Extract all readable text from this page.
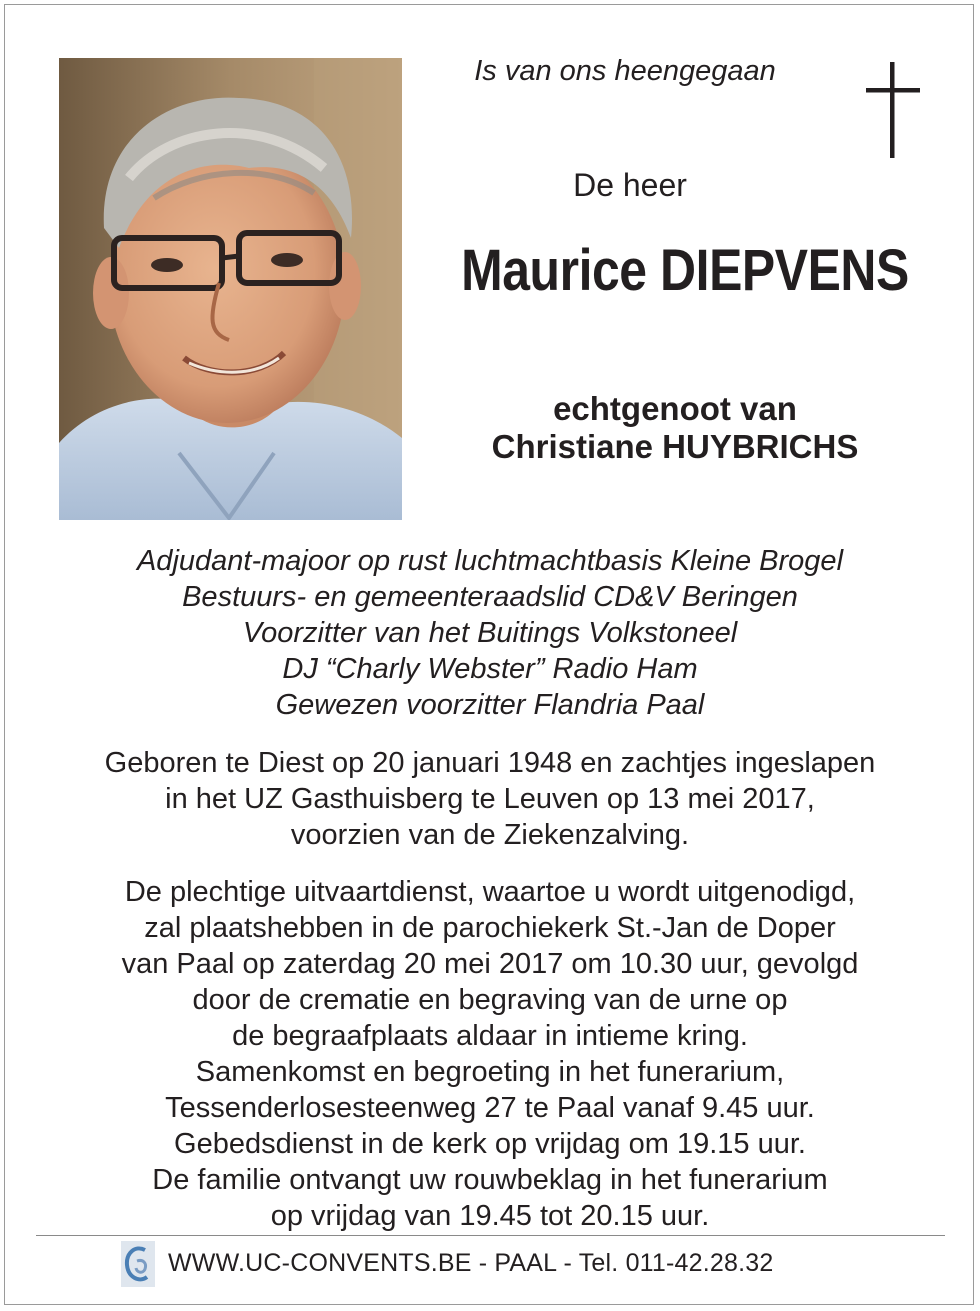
Is van ons heengegaan
De heer
Maurice DIEPVENS
echtgenoot van
Christiane HUYBRICHS
Adjudant-majoor op rust luchtmachtbasis Kleine Brogel
Bestuurs- en gemeenteraadslid CD&V Beringen
Voorzitter van het Buitings Volkstoneel
DJ “Charly Webster” Radio Ham
Gewezen voorzitter Flandria Paal
Geboren te Diest op 20 januari 1948 en zachtjes ingeslapen
in het UZ Gasthuisberg te Leuven op 13 mei 2017,
voorzien van de Ziekenzalving.
De plechtige uitvaartdienst, waartoe u wordt uitgenodigd,
zal plaatshebben in de parochiekerk St.-Jan de Doper
van Paal op zaterdag 20 mei 2017 om 10.30 uur, gevolgd
door de crematie en begraving van de urne op
de begraafplaats aldaar in intieme kring.
Samenkomst en begroeting in het funerarium,
Tessenderlosesteenweg 27 te Paal vanaf 9.45 uur.
Gebedsdienst in de kerk op vrijdag om 19.15 uur.
De familie ontvangt uw rouwbeklag in het funerarium
op vrijdag van 19.45 tot 20.15 uur.
WWW.UC-CONVENTS.BE - PAAL - Tel. 011-42.28.32
